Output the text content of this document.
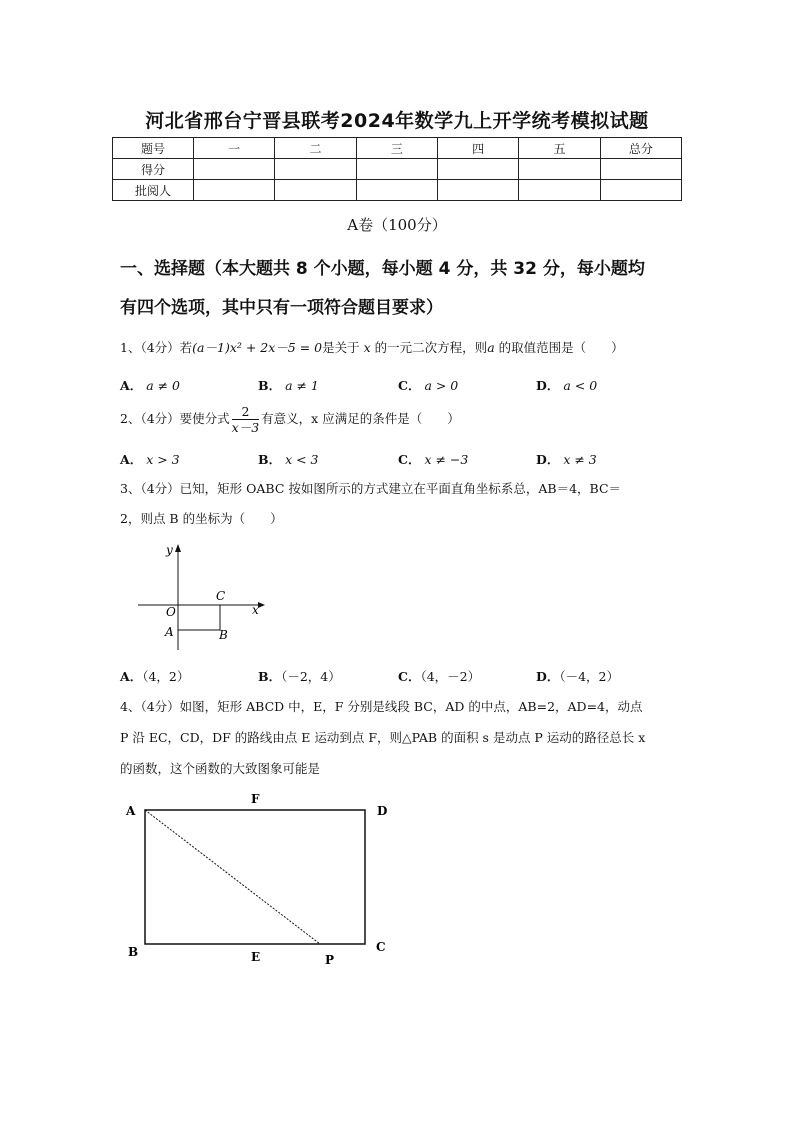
河北省邢台宁晋县联考2024年数学九上开学统考模拟试题
题号	一	二	三	四	五	总分
得分						
批阅人						
A卷（100分）
一、选择题（本大题共 8 个小题，每小题 4 分，共 32 分，每小题均
有四个选项，其中只有一项符合题目要求）
1、（4分）若(a－1)x² + 2x－5 = 0是关于 x 的一元二次方程，则a 的取值范围是（　　）
A． a ≠ 0	B． a ≠ 1	C． a > 0	D． a < 0
2、（4分）要使分式 $\frac{2}{x-3}$ 有意义，x 应满足的条件是（　　）
A． x > 3	B． x < 3	C． x ≠ −3	D． x ≠ 3
3、（4分）已知，矩形 OABC 按如图所示的方式建立在平面直角坐标系总，AB＝4，BC＝
2，则点 B 的坐标为（　　）
y
x
O
C
A	B
A．（4，2）	B．（－2，4）	C．（4，－2）	D．（－4，2）
4、（4分）如图，矩形 ABCD 中，E，F 分别是线段 BC，AD 的中点，AB=2，AD=4，动点
P 沿 EC，CD，DF 的路线由点 E 运动到点 F，则△PAB 的面积 s 是动点 P 运动的路径总长 x
的函数，这个函数的大致图象可能是
A
F
D
B	E	P
C
